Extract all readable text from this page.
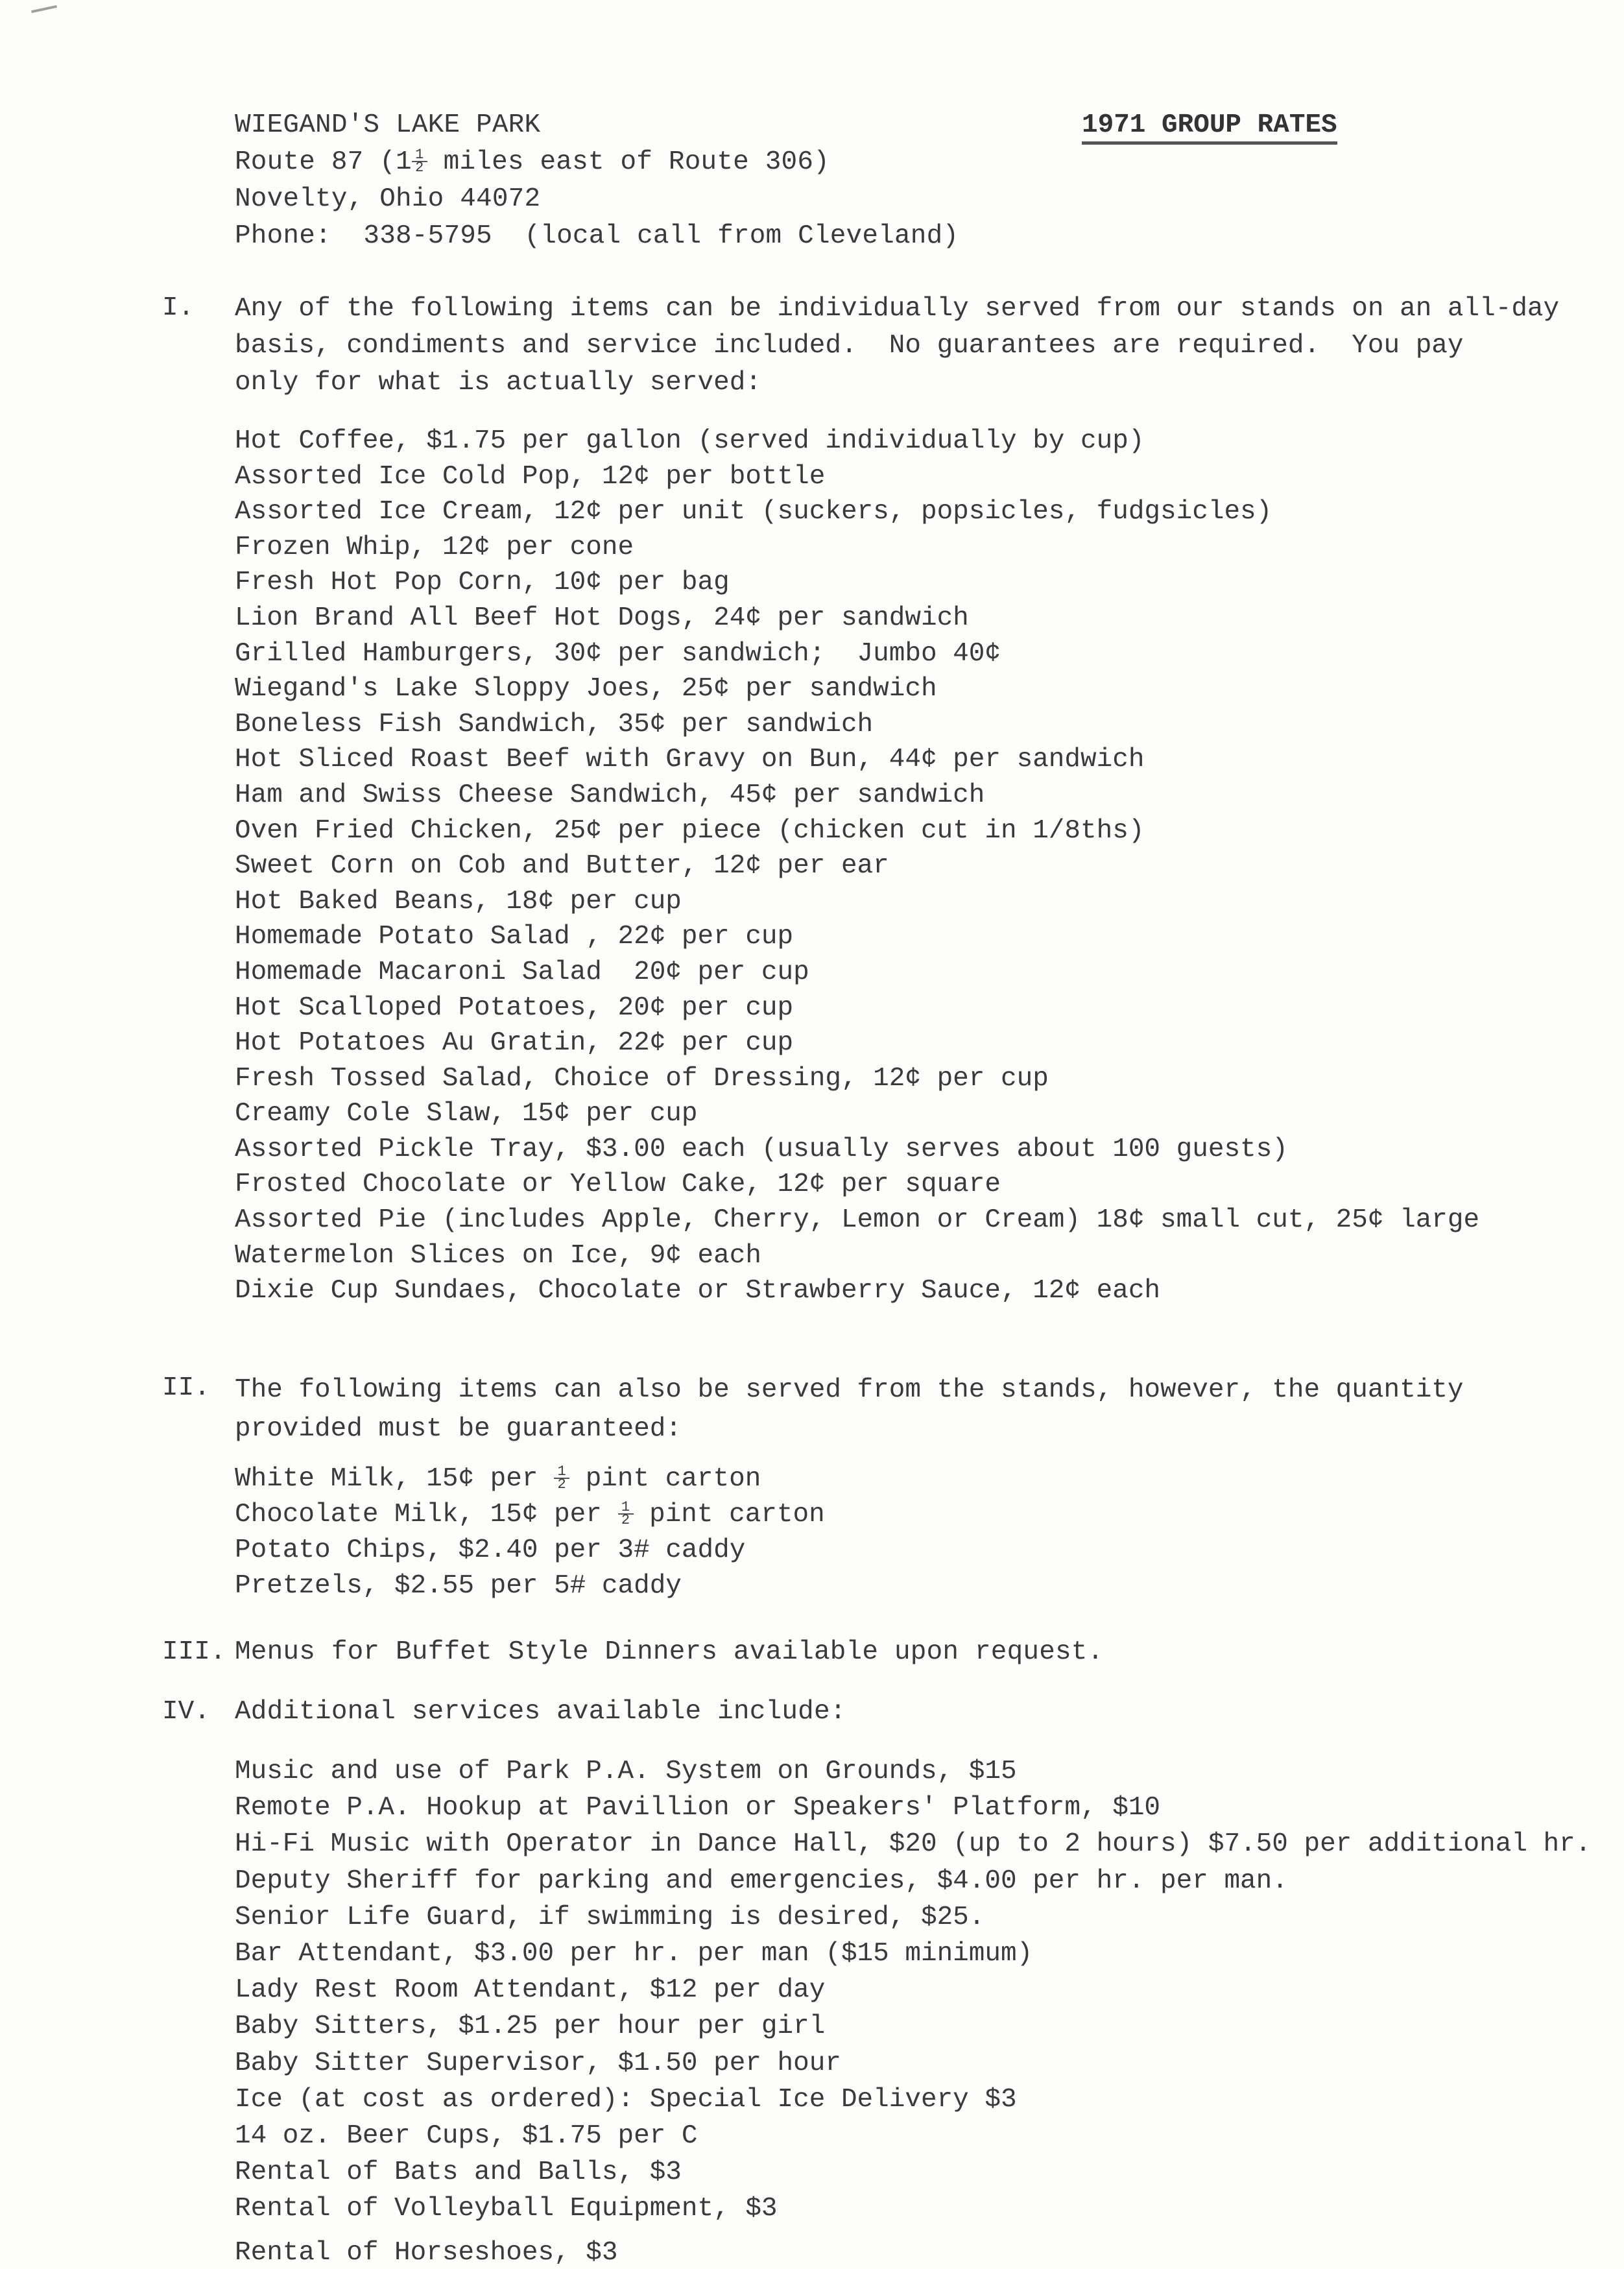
WIEGAND'S LAKE PARK
Route 87 ($1 \frac{1}{2}$ miles east of Route 306)
Novelty, Ohio 44072
Phone:  338-5795  (local call from Cleveland)
1971 GROUP RATES
I. Any of the following items can be individually served from our stands on an all-day
basis, condiments and service included.  No guarantees are required.  You pay
only for what is actually served:
Hot Coffee, $1.75 per gallon (served individually by cup)
Assorted Ice Cold Pop, 12¢ per bottle
Assorted Ice Cream, 12¢ per unit (suckers, popsicles, fudgsicles)
Frozen Whip, 12¢ per cone
Fresh Hot Pop Corn, 10¢ per bag
Lion Brand All Beef Hot Dogs, 24¢ per sandwich
Grilled Hamburgers, 30¢ per sandwich;  Jumbo 40¢
Wiegand's Lake Sloppy Joes, 25¢ per sandwich
Boneless Fish Sandwich, 35¢ per sandwich
Hot Sliced Roast Beef with Gravy on Bun, 44¢ per sandwich
Ham and Swiss Cheese Sandwich, 45¢ per sandwich
Oven Fried Chicken, 25¢ per piece (chicken cut in 1/8ths)
Sweet Corn on Cob and Butter, 12¢ per ear
Hot Baked Beans, 18¢ per cup
Homemade Potato Salad , 22¢ per cup
Homemade Macaroni Salad  20¢ per cup
Hot Scalloped Potatoes, 20¢ per cup
Hot Potatoes Au Gratin, 22¢ per cup
Fresh Tossed Salad, Choice of Dressing, 12¢ per cup
Creamy Cole Slaw, 15¢ per cup
Assorted Pickle Tray, $3.00 each (usually serves about 100 guests)
Frosted Chocolate or Yellow Cake, 12¢ per square
Assorted Pie (includes Apple, Cherry, Lemon or Cream) 18¢ small cut, 25¢ large
Watermelon Slices on Ice, 9¢ each
Dixie Cup Sundaes, Chocolate or Strawberry Sauce, 12¢ each
II. The following items can also be served from the stands, however, the quantity
provided must be guaranteed:
White Milk, 15¢ per $\frac{1}{2}$ pint carton
Chocolate Milk, 15¢ per $\frac{1}{2}$ pint carton
Potato Chips, $2.40 per 3# caddy
Pretzels, $2.55 per 5# caddy
III. Menus for Buffet Style Dinners available upon request.
IV. Additional services available include:
Music and use of Park P.A. System on Grounds, $15
Remote P.A. Hookup at Pavillion or Speakers' Platform, $10
Hi-Fi Music with Operator in Dance Hall, $20 (up to 2 hours) $7.50 per additional hr.
Deputy Sheriff for parking and emergencies, $4.00 per hr. per man.
Senior Life Guard, if swimming is desired, $25.
Bar Attendant, $3.00 per hr. per man ($15 minimum)
Lady Rest Room Attendant, $12 per day
Baby Sitters, $1.25 per hour per girl
Baby Sitter Supervisor, $1.50 per hour
Ice (at cost as ordered): Special Ice Delivery $3
14 oz. Beer Cups, $1.75 per C
Rental of Bats and Balls, $3
Rental of Volleyball Equipment, $3
Rental of Horseshoes, $3
